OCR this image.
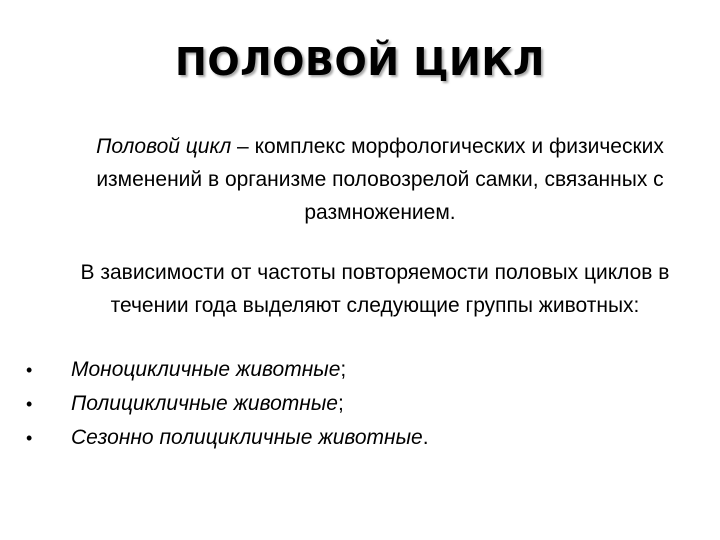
ПОЛОВОЙ ЦИКЛ
Половой цикл – комплекс морфологических и физических изменений в организме половозрелой самки, связанных с размножением.
В зависимости от частоты повторяемости половых циклов в течении года выделяют следующие группы животных:
• Моноцикличные животные;
• Полицикличные животные;
• Сезонно полицикличные животные.
